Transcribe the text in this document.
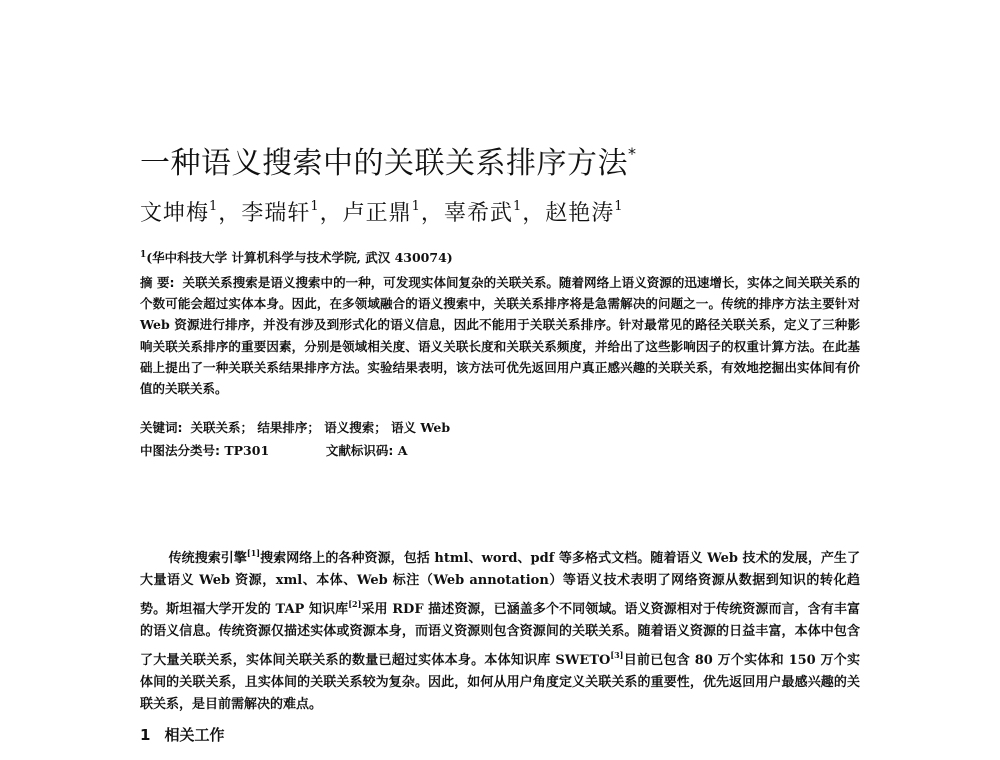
一种语义搜索中的关联关系排序方法*
文坤梅$^1$，李瑞轩$^1$，卢正鼎$^1$，辜希武$^1$，赵艳涛$^1$
$^1$(华中科技大学 计算机科学与技术学院, 武汉 430074)
摘 要: 关联关系搜索是语义搜索中的一种，可发现实体间复杂的关联关系。随着网络上语义资源的迅速增长，实体之间关联关系的个数可能会超过实体本身。因此，在多领域融合的语义搜索中，关联关系排序将是急需解决的问题之一。传统的排序方法主要针对 Web 资源进行排序，并没有涉及到形式化的语义信息，因此不能用于关联关系排序。针对最常见的路径关联关系，定义了三种影响关联关系排序的重要因素，分别是领域相关度、语义关联长度和关联关系频度，并给出了这些影响因子的权重计算方法。在此基础上提出了一种关联关系结果排序方法。实验结果表明，该方法可优先返回用户真正感兴趣的关联关系，有效地挖掘出实体间有价值的关联关系。
关键词: 关联关系； 结果排序； 语义搜索； 语义 Web
中图法分类号: TP301	文献标识码: A

传统搜索引擎[1]搜索网络上的各种资源，包括 html、word、pdf 等多格式文档。随着语义 Web 技术的发展，产生了大量语义 Web 资源，xml、本体、Web 标注（Web annotation）等语义技术表明了网络资源从数据到知识的转化趋势。斯坦福大学开发的 TAP 知识库[2]采用 RDF 描述资源，已涵盖多个不同领域。语义资源相对于传统资源而言，含有丰富的语义信息。传统资源仅描述实体或资源本身，而语义资源则包含资源间的关联关系。随着语义资源的日益丰富，本体中包含了大量关联关系，实体间关联关系的数量已超过实体本身。本体知识库 SWETO[3]目前已包含 80 万个实体和 150 万个实体间的关联关系，且实体间的关联关系较为复杂。因此，如何从用户角度定义关联关系的重要性，优先返回用户最感兴趣的关联关系，是目前需解决的难点。

1 相关工作
